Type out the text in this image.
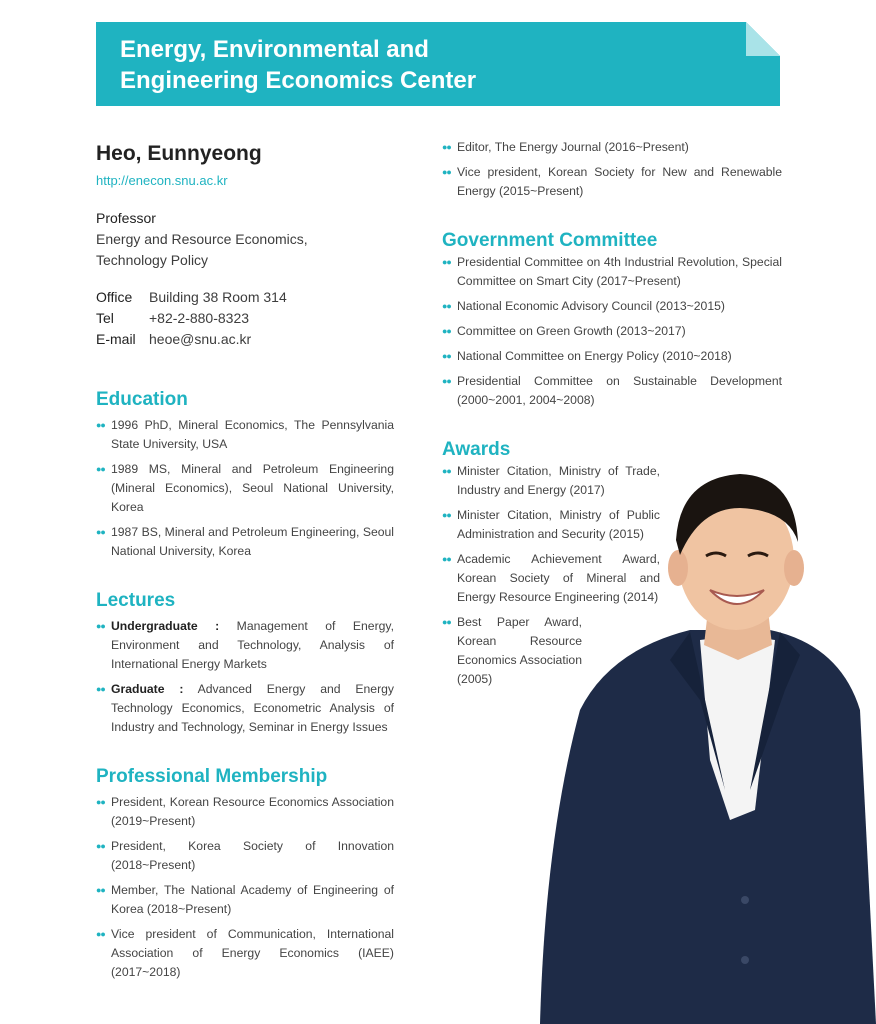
Energy, Environmental and
Engineering Economics Center
Heo, Eunnyeong
http://enecon.snu.ac.kr
Professor
Energy and Resource Economics,
Technology Policy
Office	Building 38 Room 314
Tel	+82-2-880-8323
E-mail heoe@snu.ac.kr
Education
●● 1996 PhD, Mineral Economics, The Pennsylvania State University, USA
●● 1989 MS, Mineral and Petroleum Engineering (Mineral Economics), Seoul National University, Korea
●● 1987 BS, Mineral and Petroleum Engineering, Seoul National University, Korea
Lectures
●● Undergraduate : Management of Energy, Environment and Technology, Analysis of International Energy Markets
●● Graduate : Advanced Energy and Energy Technology Economics, Econometric Analysis of Industry and Technology, Seminar in Energy Issues
Professional Membership
●● President, Korean Resource Economics Association (2019~Present)
●● President, Korea Society of Innovation (2018~Present)
●● Member, The National Academy of Engineering of Korea (2018~Present)
●● Vice president of Communication, International Association of Energy Economics (IAEE) (2017~2018)
●● Editor, The Energy Journal (2016~Present)
●● Vice president, Korean Society for New and Renewable Energy (2015~Present)
Government Committee
●● Presidential Committee on 4th Industrial Revolution, Special Committee on Smart City (2017~Present)
●● National Economic Advisory Council (2013~2015)
●● Committee on Green Growth (2013~2017)
●● National Committee on Energy Policy (2010~2018)
●● Presidential Committee on Sustainable Development (2000~2001, 2004~2008)
Awards
●● Minister Citation, Ministry of Trade, Industry and Energy (2017)
●● Minister Citation, Ministry of Public Administration and Security (2015)
●● Academic Achievement Award, Korean Society of Mineral and Energy Resource Engineering (2014)
●● Best Paper Award, Korean Resource Economics Association (2005)
